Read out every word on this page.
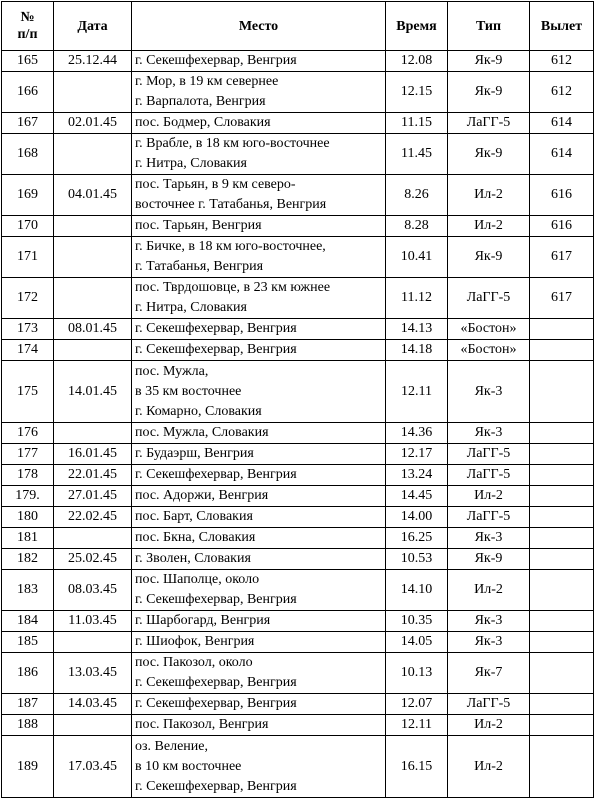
№
п/п	Дата	Место	Время	Тип	Вылет
165	25.12.44	г. Секешфехервар, Венгрия	12.08	Як-9	612
166		г. Мор, в 19 км севернее
г. Варпалота, Венгрия	12.15	Як-9	612
167	02.01.45	пос. Бодмер, Словакия	11.15	ЛаГГ-5	614
168		г. Врабле, в 18 км юго-восточнее
г. Нитра, Словакия	11.45	Як-9	614
169	04.01.45	пос. Тарьян, в 9 км северо-
восточнее г. Татабанья, Венгрия	8.26	Ил-2	616
170		пос. Тарьян, Венгрия	8.28	Ил-2	616
171		г. Бичке, в 18 км юго-восточнее,
г. Татабанья, Венгрия	10.41	Як-9	617
172		пос. Тврдошовце, в 23 км южнее
г. Нитра, Словакия	11.12	ЛаГГ-5	617
173	08.01.45	г. Секешфехервар, Венгрия	14.13	«Бостон»	
174		г. Секешфехервар, Венгрия	14.18	«Бостон»	
175	14.01.45	пос. Мужла,
в 35 км восточнее
г. Комарно, Словакия	12.11	Як-3	
176		пос. Мужла, Словакия	14.36	Як-3	
177	16.01.45	г. Будаэрш, Венгрия	12.17	ЛаГГ-5	
178	22.01.45	г. Секешфехервар, Венгрия	13.24	ЛаГГ-5	
179.	27.01.45	пос. Адоржи, Венгрия	14.45	Ил-2	
180	22.02.45	пос. Барт, Словакия	14.00	ЛаГГ-5	
181		пос. Бкна, Словакия	16.25	Як-3	
182	25.02.45	г. Зволен, Словакия	10.53	Як-9	
183	08.03.45	пос. Шаполце, около
г. Секешфехервар, Венгрия	14.10	Ил-2	
184	11.03.45	г. Шарбогард, Венгрия	10.35	Як-3	
185		г. Шиофок, Венгрия	14.05	Як-3	
186	13.03.45	пос. Пакозол, около
г. Секешфехервар, Венгрия	10.13	Як-7	
187	14.03.45	г. Секешфехервар, Венгрия	12.07	ЛаГГ-5	
188		пос. Пакозол, Венгрия	12.11	Ил-2	
189	17.03.45	оз. Веление,
в 10 км восточнее
г. Секешфехервар, Венгрия	16.15	Ил-2	
